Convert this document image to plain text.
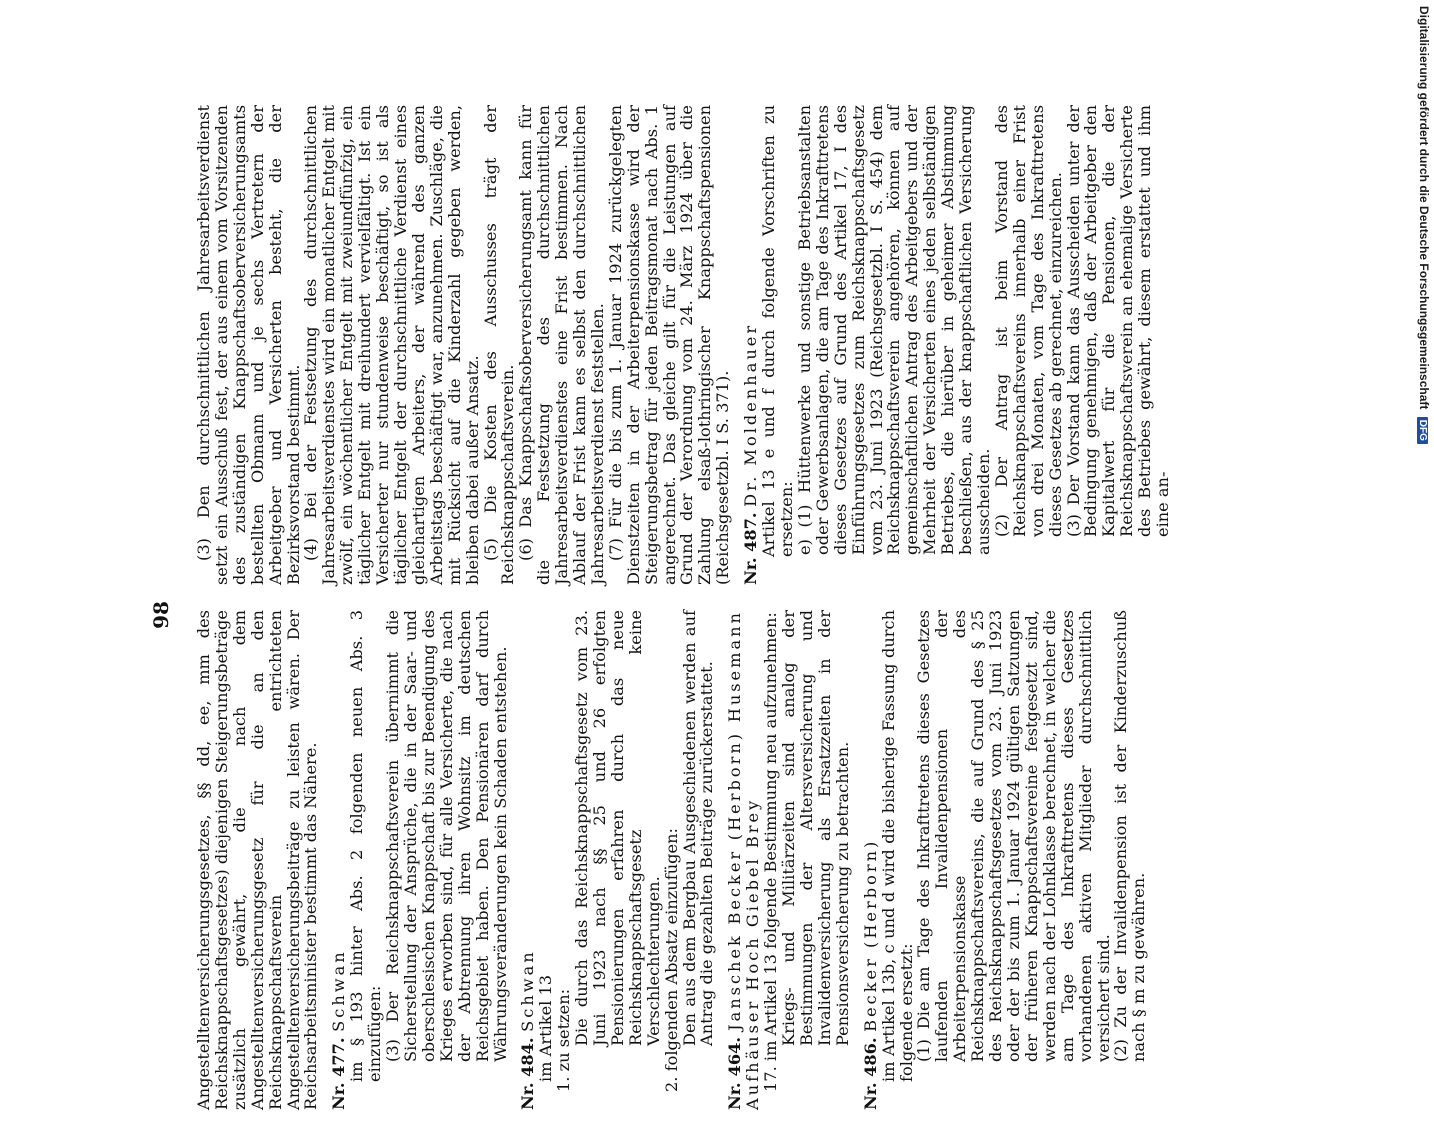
98 Angestelltenversicherungsgesetzes, §§ dd, ee, mm des Reichsknappschaftsgesetzes) diejenigen Steigerungsbeträge zusätzlich gewährt, die nach dem Angestelltenversicherungsgesetz für die an den Reichsknappschaftsverein entrichteten Angestelltenversicherungsbeiträge zu leisten wären. Der Reichsarbeitsminister bestimmt das Nähere. Nr. 477. Schwan

im § 193 hinter Abs. 2 folgenden neuen Abs. 3 einzufügen:

(3) Der Reichsknappschaftsverein übernimmt die Sicherstellung der Ansprüche, die in der Saar- und oberschlesischen Knappschaft bis zur Beendigung des Krieges erworben sind, für alle Versicherte, die nach der Abtrennung ihren Wohnsitz im deutschen Reichsgebiet haben. Den Pensionären darf durch Währungsveränderungen kein Schaden entstehen.

Nr. 484. Schwan

im Artikel 13

1. zu setzen:

Die durch das Reichsknappschaftsgesetz vom 23. Juni 1923 nach §§ 25 und 26 erfolgten Pensionierungen erfahren durch das neue Reichsknappschaftsgesetz keine Verschlechterungen.

2. folgenden Absatz einzufügen:

Den aus dem Bergbau Ausgeschiedenen werden auf Antrag die gezahlten Beiträge zurückerstattet.

Nr. 464. Janschek Becker (Herborn) Husemann Aufhäuser Hoch Giebel Brey

17. im Artikel 13 folgende Bestimmung neu aufzunehmen:

Kriegs- und Militärzeiten sind analog der Bestimmungen der Altersversicherung und Invalidenversicherung als Ersatzzeiten in der Pensionsversicherung zu betrachten.

Nr. 486. Becker (Herborn)

im Artikel 13b, c und d wird die bisherige Fassung durch folgende ersetzt:

(1) Die am Tage des Inkrafttretens dieses Gesetzes laufenden Invalidenpensionen der Arbeiterpensionskasse des Reichsknappschaftsvereins, die auf Grund des § 25 des Reichsknappschaftsgesetzes vom 23. Juni 1923 oder der bis zum 1. Januar 1924 gültigen Satzungen der früheren Knappschaftsvereine festgesetzt sind, werden nach der Lohnklasse berechnet, in welcher die am Tage des Inkrafttretens dieses Gesetzes vorhandenen aktiven Mitglieder durchschnittlich versichert sind.

(2) Zu der Invalidenpension ist der Kinderzuschuß nach § m zu gewähren.

(3) Den durchschnittlichen Jahresarbeitsverdienst setzt ein Ausschuß fest, der aus einem vom Vorsitzenden des zuständigen Knappschaftsoberversicherungsamts bestellten Obmann und je sechs Vertretern der Arbeitgeber und Versicherten besteht, die der Bezirksvorstand bestimmt.

(4) Bei der Festsetzung des durchschnittlichen Jahresarbeitsverdienstes wird ein monatlicher Entgelt mit zwölf, ein wöchentlicher Entgelt mit zweiundfünfzig, ein täglicher Entgelt mit dreihundert vervielfältigt. Ist ein Versicherter nur stundenweise beschäftigt, so ist als täglicher Entgelt der durchschnittliche Verdienst eines gleichartigen Arbeiters, der während des ganzen Arbeitstags beschäftigt war, anzunehmen. Zuschläge, die mit Rücksicht auf die Kinderzahl gegeben werden, bleiben dabei außer Ansatz.

(5) Die Kosten des Ausschusses trägt der Reichsknappschaftsverein.

(6) Das Knappschaftsoberversicherungsamt kann für die Festsetzung des durchschnittlichen Jahresarbeitsverdienstes eine Frist bestimmen. Nach Ablauf der Frist kann es selbst den durchschnittlichen Jahresarbeitsverdienst feststellen.

(7) Für die bis zum 1. Januar 1924 zurückgelegten Dienstzeiten in der Arbeiterpensionskasse wird der Steigerungsbetrag für jeden Beitragsmonat nach Abs. 1 angerechnet. Das gleiche gilt für die Leistungen auf Grund der Verordnung vom 24. März 1924 über die Zahlung elsaß-lothringischer Knappschaftspensionen (Reichsgesetzbl. I S. 371). Nr. 487. Dr. Moldenhauer

Artikel 13 e und f durch folgende Vorschriften zu ersetzen:

e) (1) Hüttenwerke und sonstige Betriebsanstalten oder Gewerbsanlagen, die am Tage des Inkrafttretens dieses Gesetzes auf Grund des Artikel 17, I des Einführungsgesetzes zum Reichsknappschaftsgesetz vom 23. Juni 1923 (Reichsgesetzbl. I S. 454) dem Reichsknappschaftsverein angehören, können auf gemeinschaftlichen Antrag des Arbeitgebers und der Mehrheit der Versicherten eines jeden selbständigen Betriebes, die hierüber in geheimer Abstimmung beschließen, aus der knappschaftlichen Versicherung ausscheiden.

(2) Der Antrag ist beim Vorstand des Reichsknappschaftsvereins innerhalb einer Frist von drei Monaten, vom Tage des Inkrafttretens dieses Gesetzes ab gerechnet, einzureichen.

(3) Der Vorstand kann das Ausscheiden unter der Bedingung genehmigen, daß der Arbeitgeber den Kapitalwert für die Pensionen, die der Reichsknappschaftsverein an ehemalige Versicherte des Betriebes gewährt, diesem erstattet und ihm eine an-

Digitalisierung gefördert durch die Deutsche Forschungsgemeinschaft DFG
